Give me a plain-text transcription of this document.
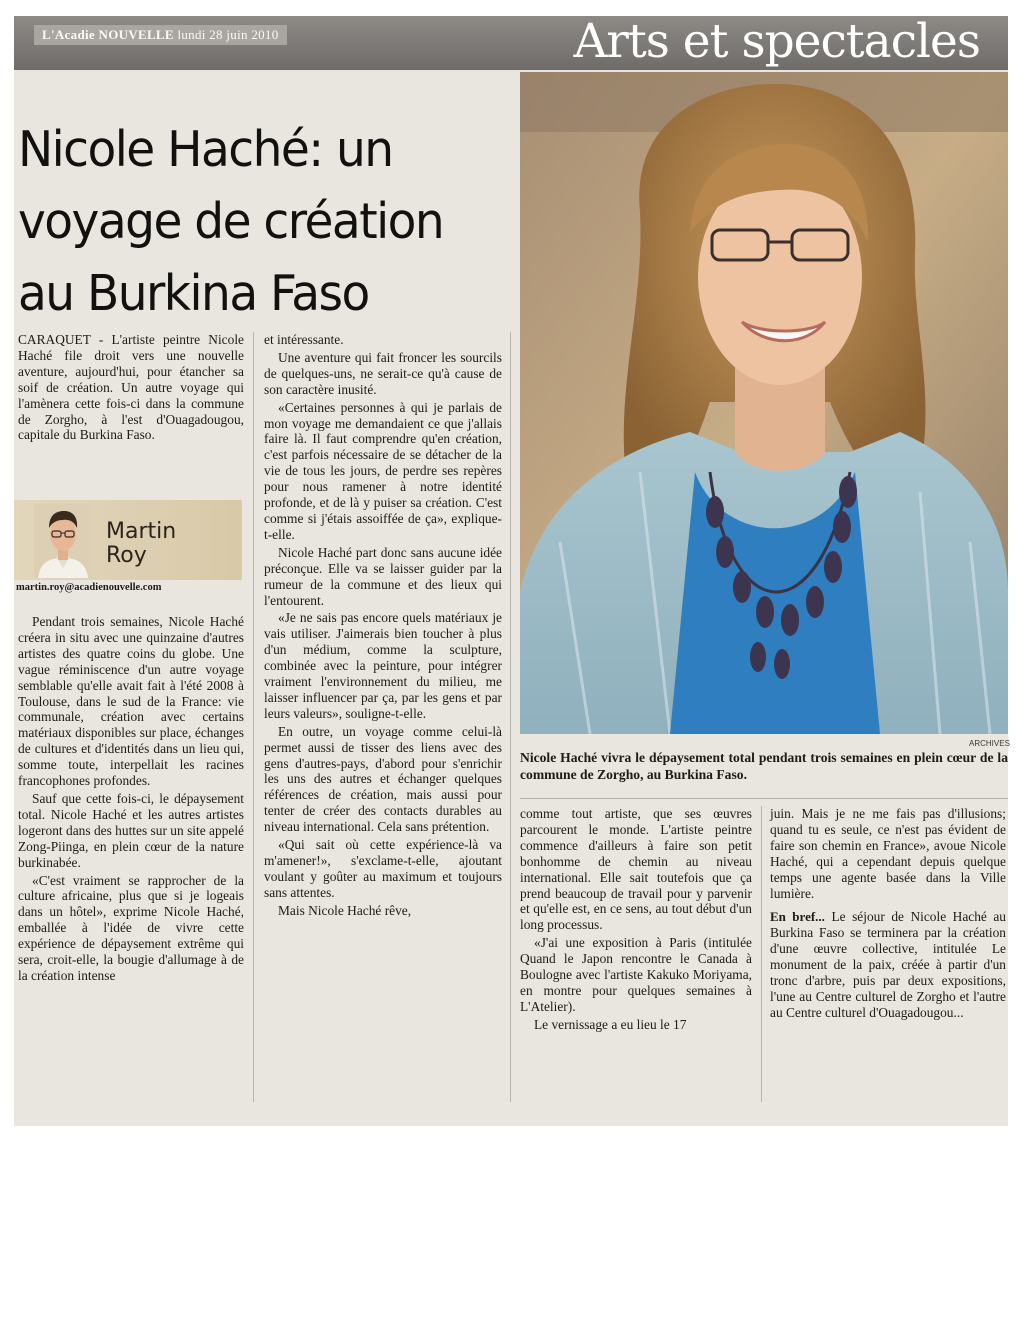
L'Acadie NOUVELLE lundi 28 juin 2010	Arts et spectacles
Nicole Haché: un
voyage de création
au Burkina Faso

CARAQUET - L'artiste peintre Nicole Haché file droit vers une nouvelle aventure, aujourd'hui, pour étancher sa soif de création. Un autre voyage qui l'amènera cette fois-ci dans la commune de Zorgho, à l'est d'Ouagadougou, capitale du Burkina Faso.

Martin
Roy
martin.roy@acadienouvelle.com

Pendant trois semaines, Nicole Haché créera in situ avec une quinzaine d'autres artistes des quatre coins du globe. Une vague réminiscence d'un autre voyage semblable qu'elle avait fait à l'été 2008 à Toulouse, dans le sud de la France: vie communale, création avec certains matériaux disponibles sur place, échanges de cultures et d'identités dans un lieu qui, somme toute, interpellait les racines francophones profondes.

Sauf que cette fois-ci, le dépaysement total. Nicole Haché et les autres artistes logeront dans des huttes sur un site appelé Zong-Piinga, en plein cœur de la nature burkinabée.

«C'est vraiment se rapprocher de la culture africaine, plus que si je logeais dans un hôtel», exprime Nicole Haché, emballée à l'idée de vivre cette expérience de dépaysement extrême qui sera, croit-elle, la bougie d'allumage à de la création intense

et intéressante.

Une aventure qui fait froncer les sourcils de quelques-uns, ne serait-ce qu'à cause de son caractère inusité.

«Certaines personnes à qui je parlais de mon voyage me demandaient ce que j'allais faire là. Il faut comprendre qu'en création, c'est parfois nécessaire de se détacher de la vie de tous les jours, de perdre ses repères pour nous ramener à notre identité profonde, et de là y puiser sa création. C'est comme si j'étais assoiffée de ça», explique-t-elle.

Nicole Haché part donc sans aucune idée préconçue. Elle va se laisser guider par la rumeur de la commune et des lieux qui l'entourent.

«Je ne sais pas encore quels matériaux je vais utiliser. J'aimerais bien toucher à plus d'un médium, comme la sculpture, combinée avec la peinture, pour intégrer vraiment l'environnement du milieu, me laisser influencer par ça, par les gens et par leurs valeurs», souligne-t-elle.

En outre, un voyage comme celui-là permet aussi de tisser des liens avec des gens d'autres-pays, d'abord pour s'enrichir les uns des autres et échanger quelques références de création, mais aussi pour tenter de créer des contacts durables au niveau international. Cela sans prétention.

«Qui sait où cette expérience-là va m'amener!», s'exclame-t-elle, ajoutant voulant y goûter au maximum et toujours sans attentes.

Mais Nicole Haché rêve,

ARCHIVES
Nicole Haché vivra le dépaysement total pendant trois semaines en plein cœur de la commune de Zorgho, au Burkina Faso.

comme tout artiste, que ses œuvres parcourent le monde. L'artiste peintre commence d'ailleurs à faire son petit bonhomme de chemin au niveau international. Elle sait toutefois que ça prend beaucoup de travail pour y parvenir et qu'elle est, en ce sens, au tout début d'un long processus.

«J'ai une exposition à Paris (intitulée Quand le Japon rencontre le Canada à Boulogne avec l'artiste Kakuko Moriyama, en montre pour quelques semaines à L'Atelier).

Le vernissage a eu lieu le 17

juin. Mais je ne me fais pas d'illusions; quand tu es seule, ce n'est pas évident de faire son chemin en France», avoue Nicole Haché, qui a cependant depuis quelque temps une agente basée dans la Ville lumière.

En bref... Le séjour de Nicole Haché au Burkina Faso se terminera par la création d'une œuvre collective, intitulée Le monument de la paix, créée à partir d'un tronc d'arbre, puis par deux expositions, l'une au Centre culturel de Zorgho et l'autre au Centre culturel d'Ouagadougou...
